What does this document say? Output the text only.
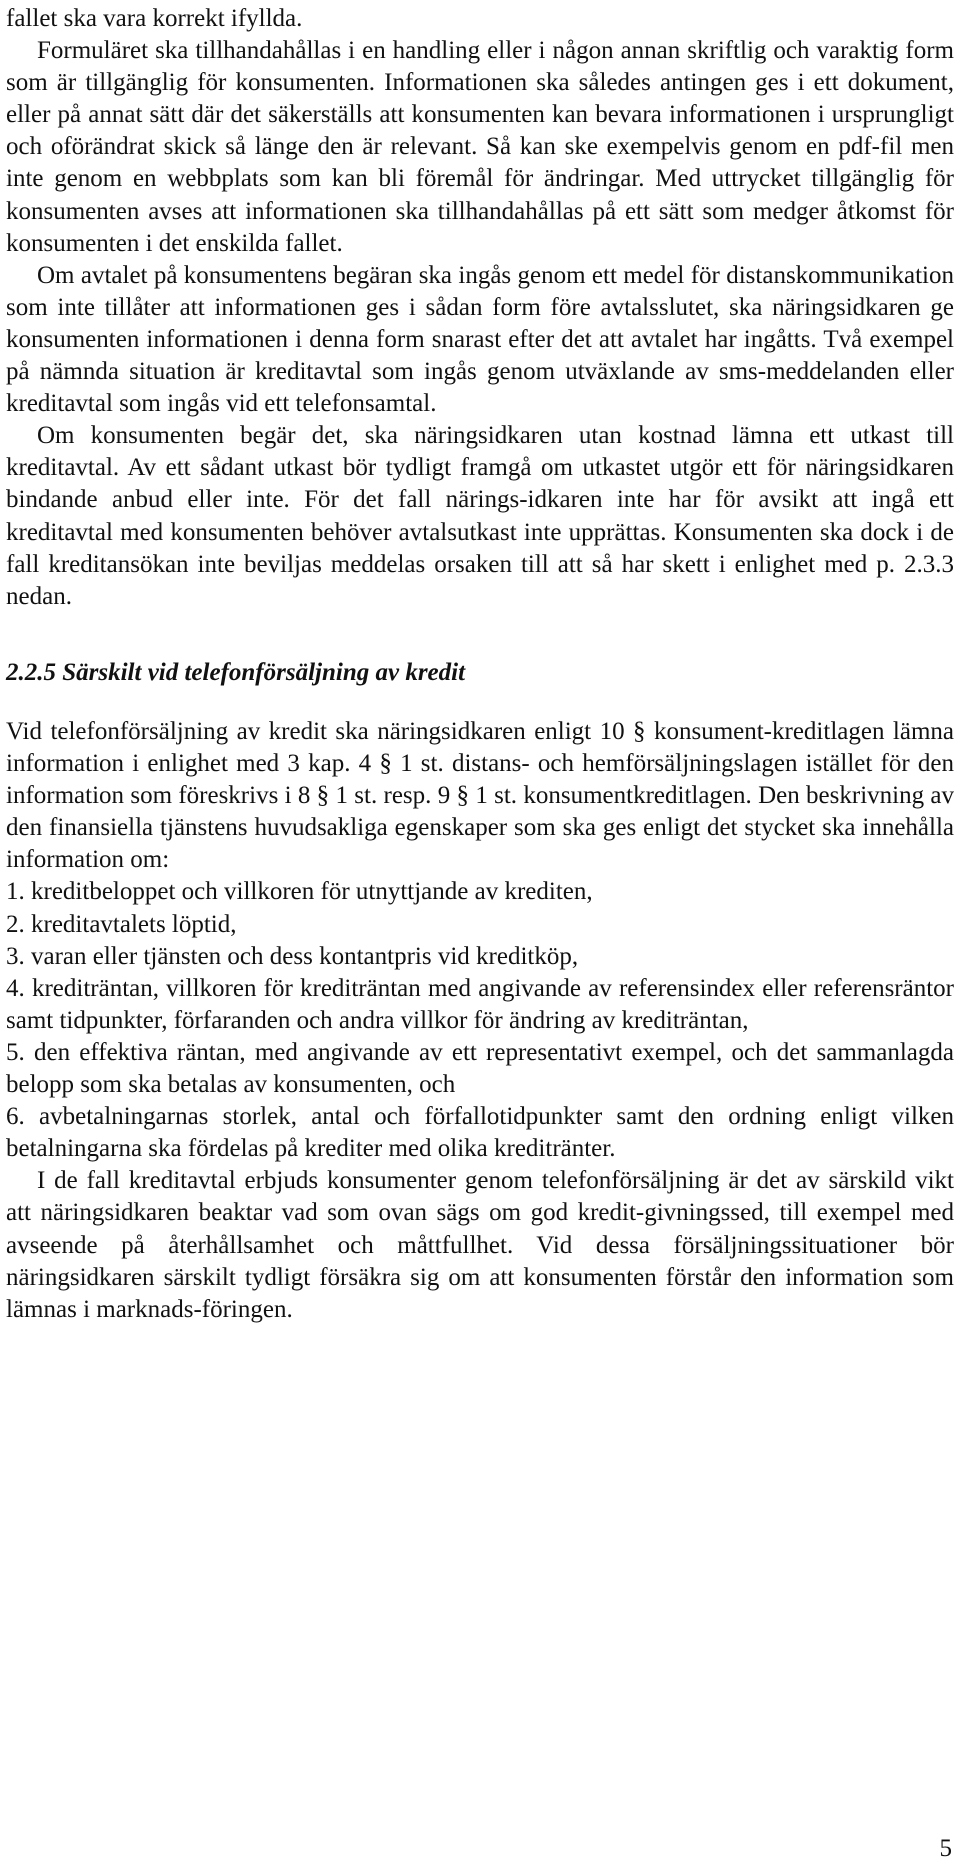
fallet ska vara korrekt ifyllda.

Formuläret ska tillhandahållas i en handling eller i någon annan skriftlig och varaktig form som är tillgänglig för konsumenten. Informationen ska således antingen ges i ett dokument, eller på annat sätt där det säkerställs att konsumenten kan bevara informationen i ursprungligt och oförändrat skick så länge den är relevant. Så kan ske exempelvis genom en pdf-fil men inte genom en webbplats som kan bli föremål för ändringar. Med uttrycket tillgänglig för konsumenten avses att informationen ska tillhandahållas på ett sätt som medger åtkomst för konsumenten i det enskilda fallet.

Om avtalet på konsumentens begäran ska ingås genom ett medel för distanskommunikation som inte tillåter att informationen ges i sådan form före avtalsslutet, ska näringsidkaren ge konsumenten informationen i denna form snarast efter det att avtalet har ingåtts. Två exempel på nämnda situation är kreditavtal som ingås genom utväxlande av sms-meddelanden eller kreditavtal som ingås vid ett telefonsamtal.

Om konsumenten begär det, ska näringsidkaren utan kostnad lämna ett utkast till kreditavtal. Av ett sådant utkast bör tydligt framgå om utkastet utgör ett för näringsidkaren bindande anbud eller inte. För det fall närings-idkaren inte har för avsikt att ingå ett kreditavtal med konsumenten behöver avtalsutkast inte upprättas. Konsumenten ska dock i de fall kreditansökan inte beviljas meddelas orsaken till att så har skett i enlighet med p. 2.3.3 nedan.

2.2.5 Särskilt vid telefonförsäljning av kredit

Vid telefonförsäljning av kredit ska näringsidkaren enligt 10 § konsument-kreditlagen lämna information i enlighet med 3 kap. 4 § 1 st. distans- och hemförsäljningslagen istället för den information som föreskrivs i 8 § 1 st. resp. 9 § 1 st. konsumentkreditlagen. Den beskrivning av den finansiella tjänstens huvudsakliga egenskaper som ska ges enligt det stycket ska innehålla information om:

1. kreditbeloppet och villkoren för utnyttjande av krediten,

2. kreditavtalets löptid,

3. varan eller tjänsten och dess kontantpris vid kreditköp,

4. krediträntan, villkoren för krediträntan med angivande av referensindex eller referensräntor samt tidpunkter, förfaranden och andra villkor för ändring av krediträntan,

5. den effektiva räntan, med angivande av ett representativt exempel, och det sammanlagda belopp som ska betalas av konsumenten, och

6. avbetalningarnas storlek, antal och förfallotidpunkter samt den ordning enligt vilken betalningarna ska fördelas på krediter med olika kreditränter.

I de fall kreditavtal erbjuds konsumenter genom telefonförsäljning är det av särskild vikt att näringsidkaren beaktar vad som ovan sägs om god kredit-givningssed, till exempel med avseende på återhållsamhet och måttfullhet. Vid dessa försäljningssituationer bör näringsidkaren särskilt tydligt försäkra sig om att konsumenten förstår den information som lämnas i marknads-föringen.

5
